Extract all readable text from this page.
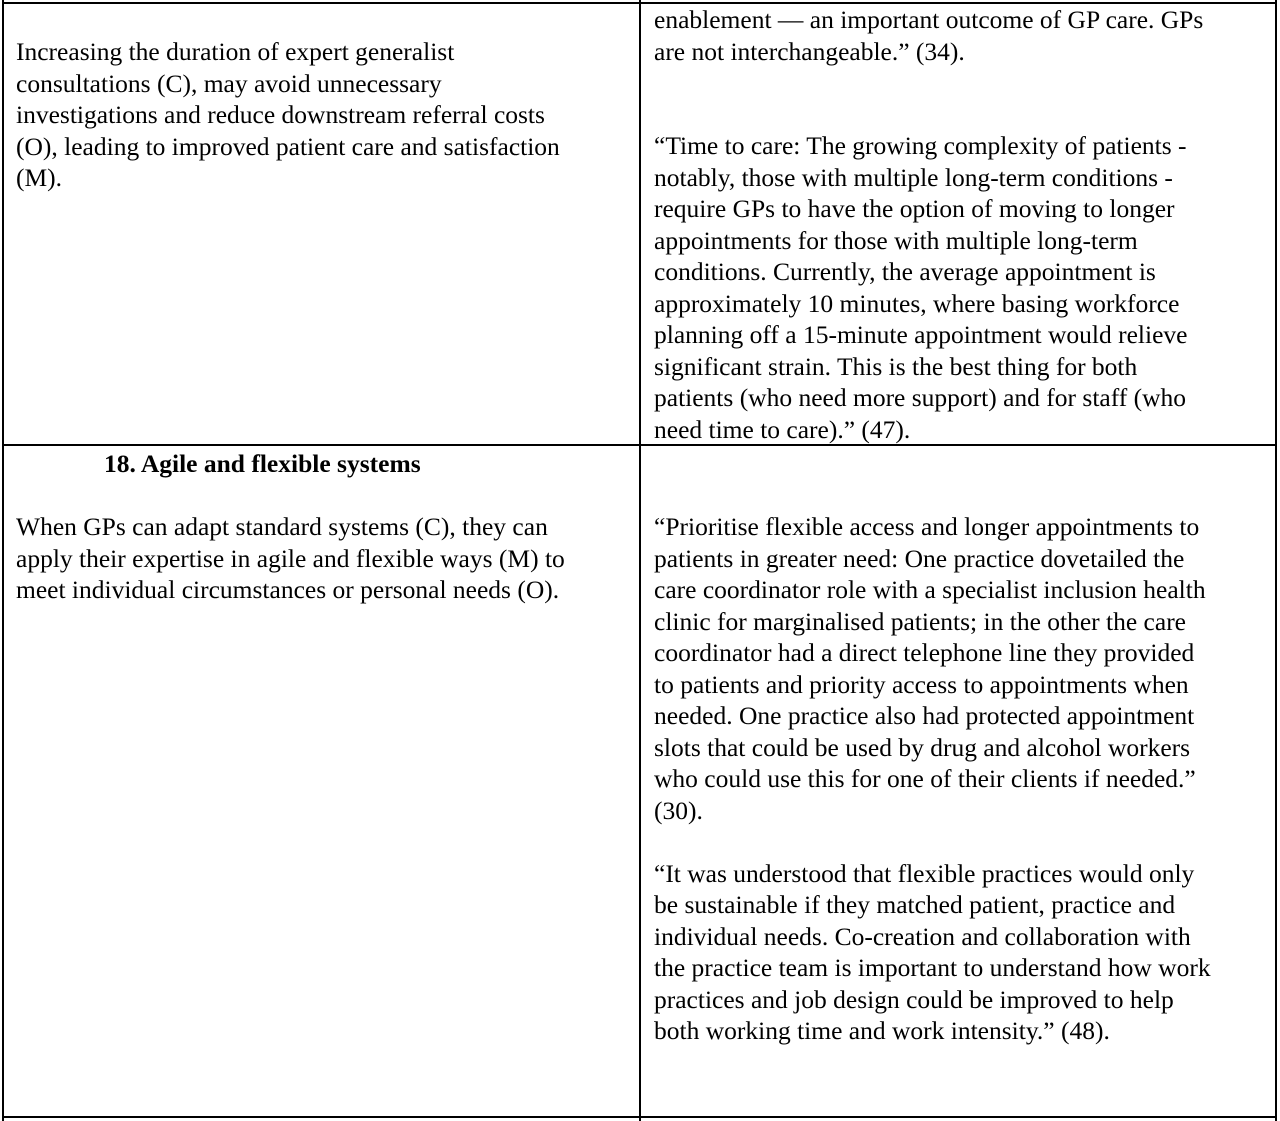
Increasing the duration of expert generalist
consultations (C), may avoid unnecessary
investigations and reduce downstream referral costs
(O), leading to improved patient care and satisfaction
(M).

enablement — an important outcome of GP care. GPs
are not interchangeable.” (34).

“Time to care: The growing complexity of patients -
notably, those with multiple long-term conditions -
require GPs to have the option of moving to longer
appointments for those with multiple long-term
conditions. Currently, the average appointment is
approximately 10 minutes, where basing workforce
planning off a 15-minute appointment would relieve
significant strain. This is the best thing for both
patients (who need more support) and for staff (who
need time to care).” (47).

18. Agile and flexible systems

When GPs can adapt standard systems (C), they can
apply their expertise in agile and flexible ways (M) to
meet individual circumstances or personal needs (O).

“Prioritise flexible access and longer appointments to
patients in greater need: One practice dovetailed the
care coordinator role with a specialist inclusion health
clinic for marginalised patients; in the other the care
coordinator had a direct telephone line they provided
to patients and priority access to appointments when
needed. One practice also had protected appointment
slots that could be used by drug and alcohol workers
who could use this for one of their clients if needed.”
(30).

“It was understood that flexible practices would only
be sustainable if they matched patient, practice and
individual needs. Co-creation and collaboration with
the practice team is important to understand how work
practices and job design could be improved to help
both working time and work intensity.” (48).
